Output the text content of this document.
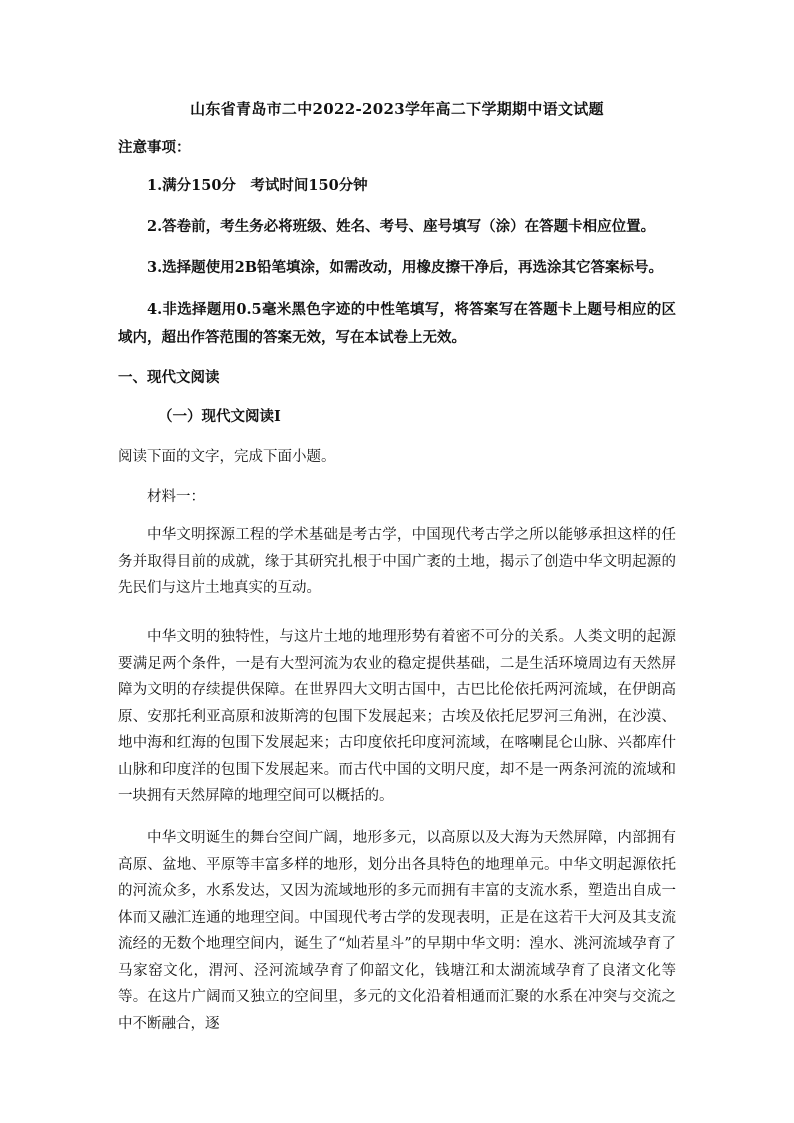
山东省青岛市二中2022-2023学年高二下学期期中语文试题
注意事项：
1.满分150分　考试时间150分钟
2.答卷前，考生务必将班级、姓名、考号、座号填写（涂）在答题卡相应位置。
3.选择题使用2B铅笔填涂，如需改动，用橡皮擦干净后，再选涂其它答案标号。
4.非选择题用0.5毫米黑色字迹的中性笔填写，将答案写在答题卡上题号相应的区域内，超出作答范围的答案无效，写在本试卷上无效。
一、现代文阅读
（一）现代文阅读Ⅰ
阅读下面的文字，完成下面小题。
材料一：
中华文明探源工程的学术基础是考古学，中国现代考古学之所以能够承担这样的任务并取得目前的成就，缘于其研究扎根于中国广袤的土地，揭示了创造中华文明起源的先民们与这片土地真实的互动。
中华文明的独特性，与这片土地的地理形势有着密不可分的关系。人类文明的起源要满足两个条件，一是有大型河流为农业的稳定提供基础，二是生活环境周边有天然屏障为文明的存续提供保障。在世界四大文明古国中，古巴比伦依托两河流域，在伊朗高原、安那托利亚高原和波斯湾的包围下发展起来；古埃及依托尼罗河三角洲，在沙漠、地中海和红海的包围下发展起来；古印度依托印度河流域，在喀喇昆仑山脉、兴都库什山脉和印度洋的包围下发展起来。而古代中国的文明尺度，却不是一两条河流的流域和一块拥有天然屏障的地理空间可以概括的。
中华文明诞生的舞台空间广阔，地形多元，以高原以及大海为天然屏障，内部拥有高原、盆地、平原等丰富多样的地形，划分出各具特色的地理单元。中华文明起源依托的河流众多，水系发达，又因为流域地形的多元而拥有丰富的支流水系，塑造出自成一体而又融汇连通的地理空间。中国现代考古学的发现表明，正是在这若干大河及其支流流经的无数个地理空间内，诞生了“灿若星斗”的早期中华文明：湟水、洮河流域孕育了马家窑文化，渭河、泾河流域孕育了仰韶文化，钱塘江和太湖流域孕育了良渚文化等等。在这片广阔而又独立的空间里，多元的文化沿着相通而汇聚的水系在冲突与交流之中不断融合，逐
